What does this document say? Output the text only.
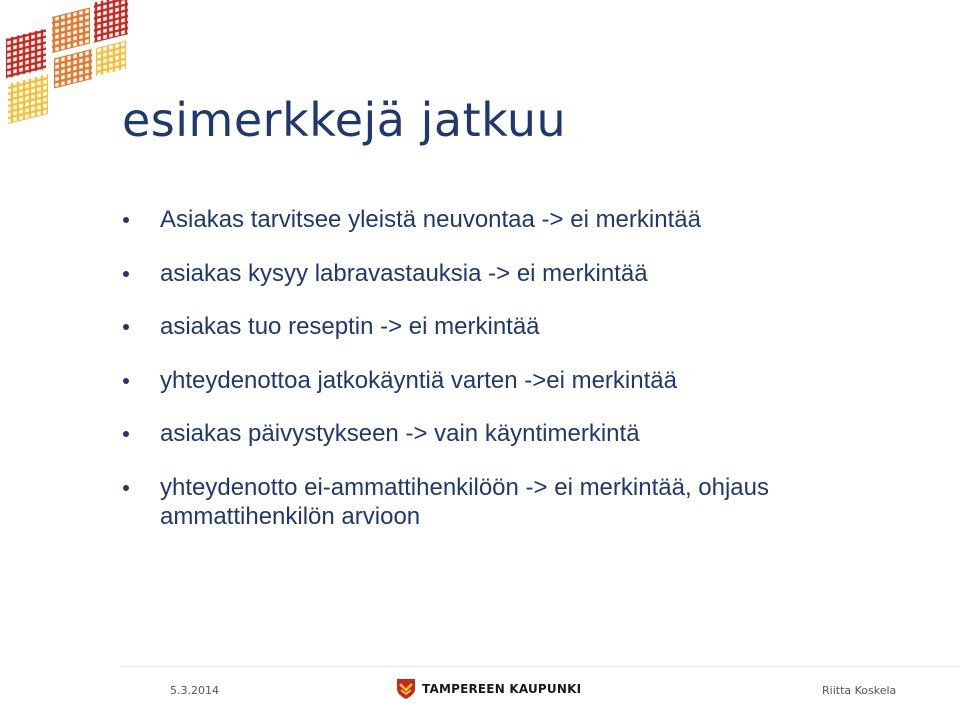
esimerkkejä jatkuu
Asiakas tarvitsee yleistä neuvontaa -> ei merkintää
asiakas kysyy labravastauksia -> ei merkintää
asiakas tuo reseptin -> ei merkintää
yhteydenottoa jatkokäyntiä varten ->ei merkintää
asiakas päivystykseen -> vain käyntimerkintä
yhteydenotto ei-ammattihenkilöön -> ei merkintää, ohjaus ammattihenkilön arvioon
5.3.2014	TAMPEREEN KAUPUNKI	Riitta Koskela
